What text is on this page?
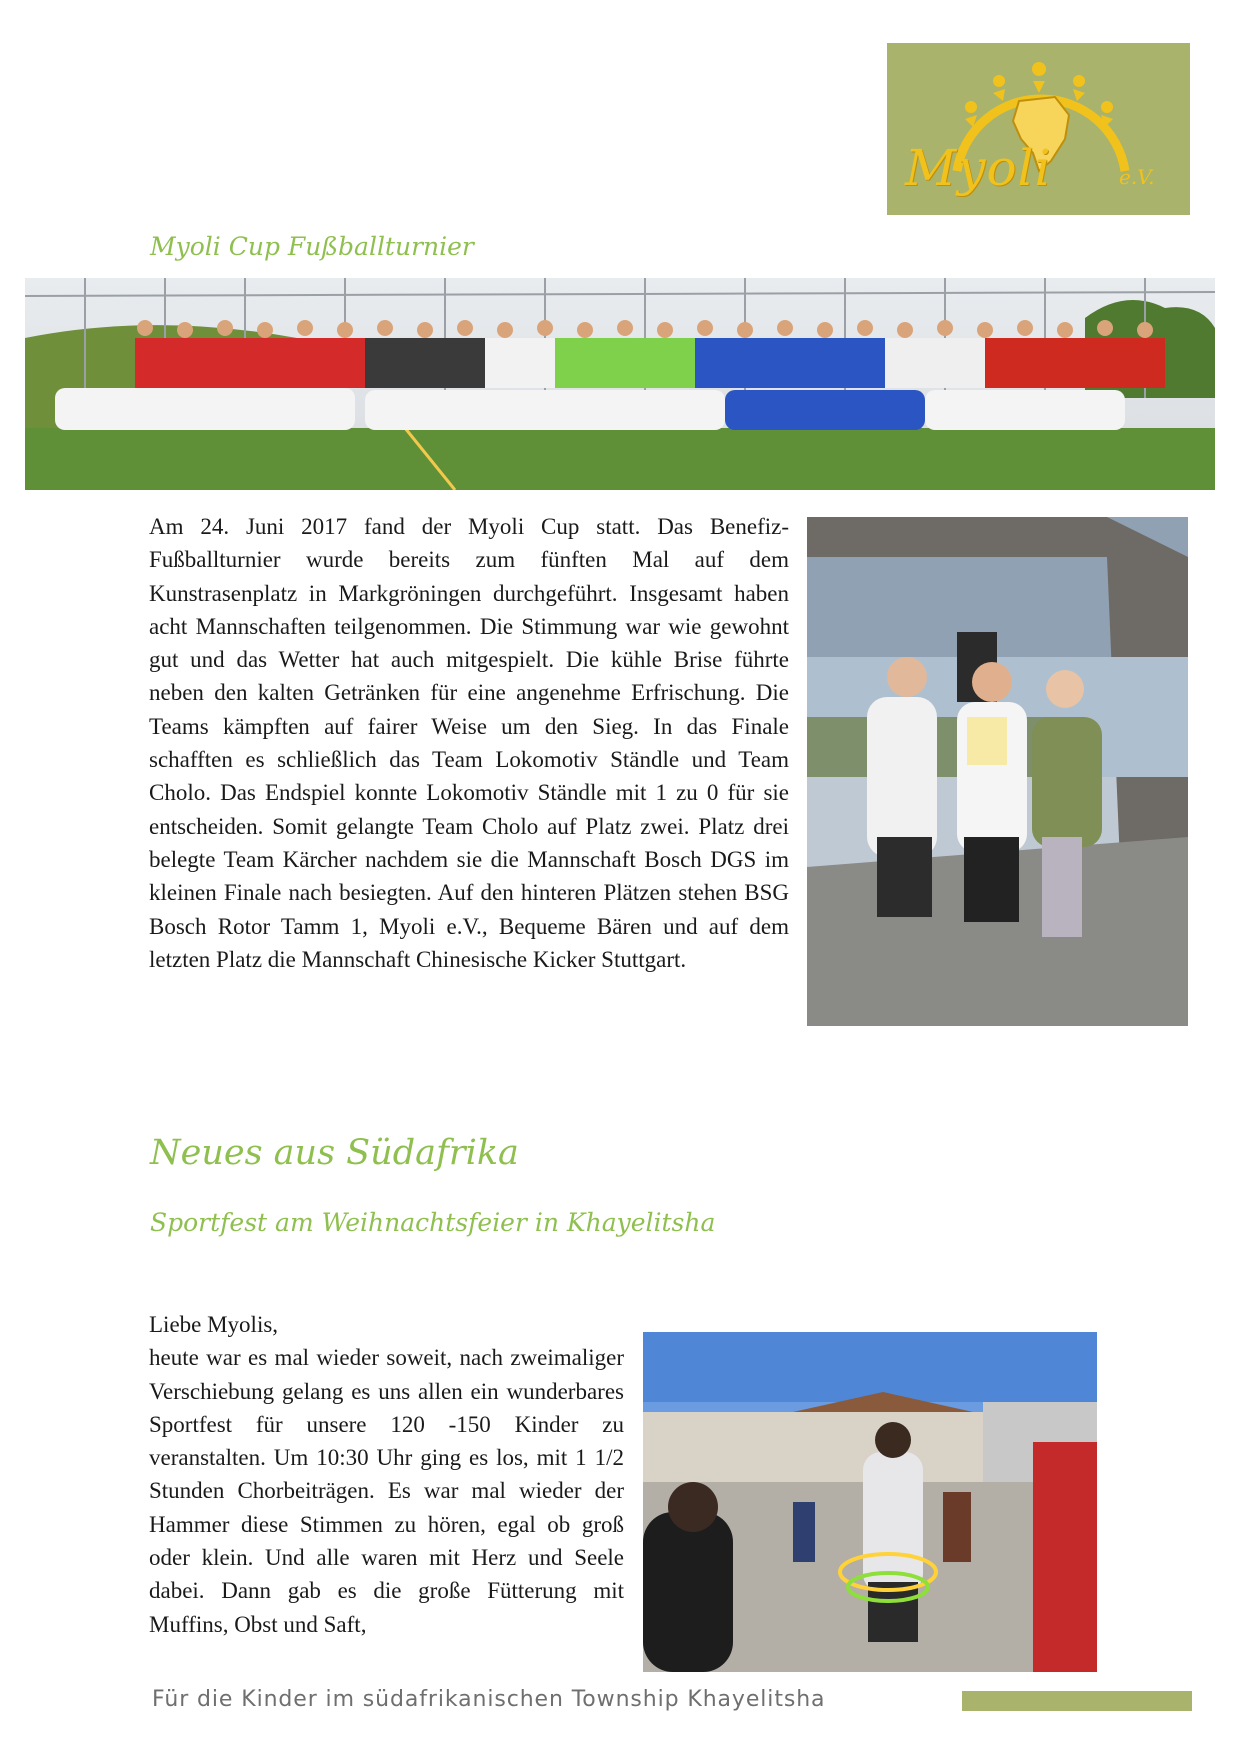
Myoli	e.V.
Myoli Cup Fußballturnier

Am 24. Juni 2017 fand der Myoli Cup statt. Das Benefiz-Fußballturnier wurde bereits zum fünften Mal auf dem Kunstrasenplatz in Markgröningen durchgeführt. Insgesamt haben acht Mannschaften teilgenommen. Die Stimmung war wie gewohnt gut und das Wetter hat auch mitgespielt. Die kühle Brise führte neben den kalten Getränken für eine angenehme Erfrischung. Die Teams kämpften auf fairer Weise um den Sieg. In das Finale schafften es schließlich das Team Lokomotiv Ständle und Team Cholo. Das Endspiel konnte Lokomotiv Ständle mit 1 zu 0 für sie entscheiden. Somit gelangte Team Cholo auf Platz zwei. Platz drei belegte Team Kärcher nachdem sie die Mannschaft Bosch DGS im kleinen Finale nach besiegten. Auf den hinteren Plätzen stehen BSG Bosch Rotor Tamm 1, Myoli e.V., Bequeme Bären und auf dem letzten Platz die Mannschaft Chinesische Kicker Stuttgart.

Neues aus Südafrika
Sportfest am Weihnachtsfeier in Khayelitsha

Liebe Myolis,
heute war es mal wieder soweit, nach zweimaliger Verschiebung gelang es uns allen ein wunderbares Sportfest für unsere 120 -150 Kinder zu veranstalten. Um 10:30 Uhr ging es los, mit 1 1/2 Stunden Chorbeiträgen. Es war mal wieder der Hammer diese Stimmen zu hören, egal ob groß oder klein. Und alle waren mit Herz und Seele dabei. Dann gab es die große Fütterung mit Muffins, Obst und Saft,

Für die Kinder im südafrikanischen Township Khayelitsha
